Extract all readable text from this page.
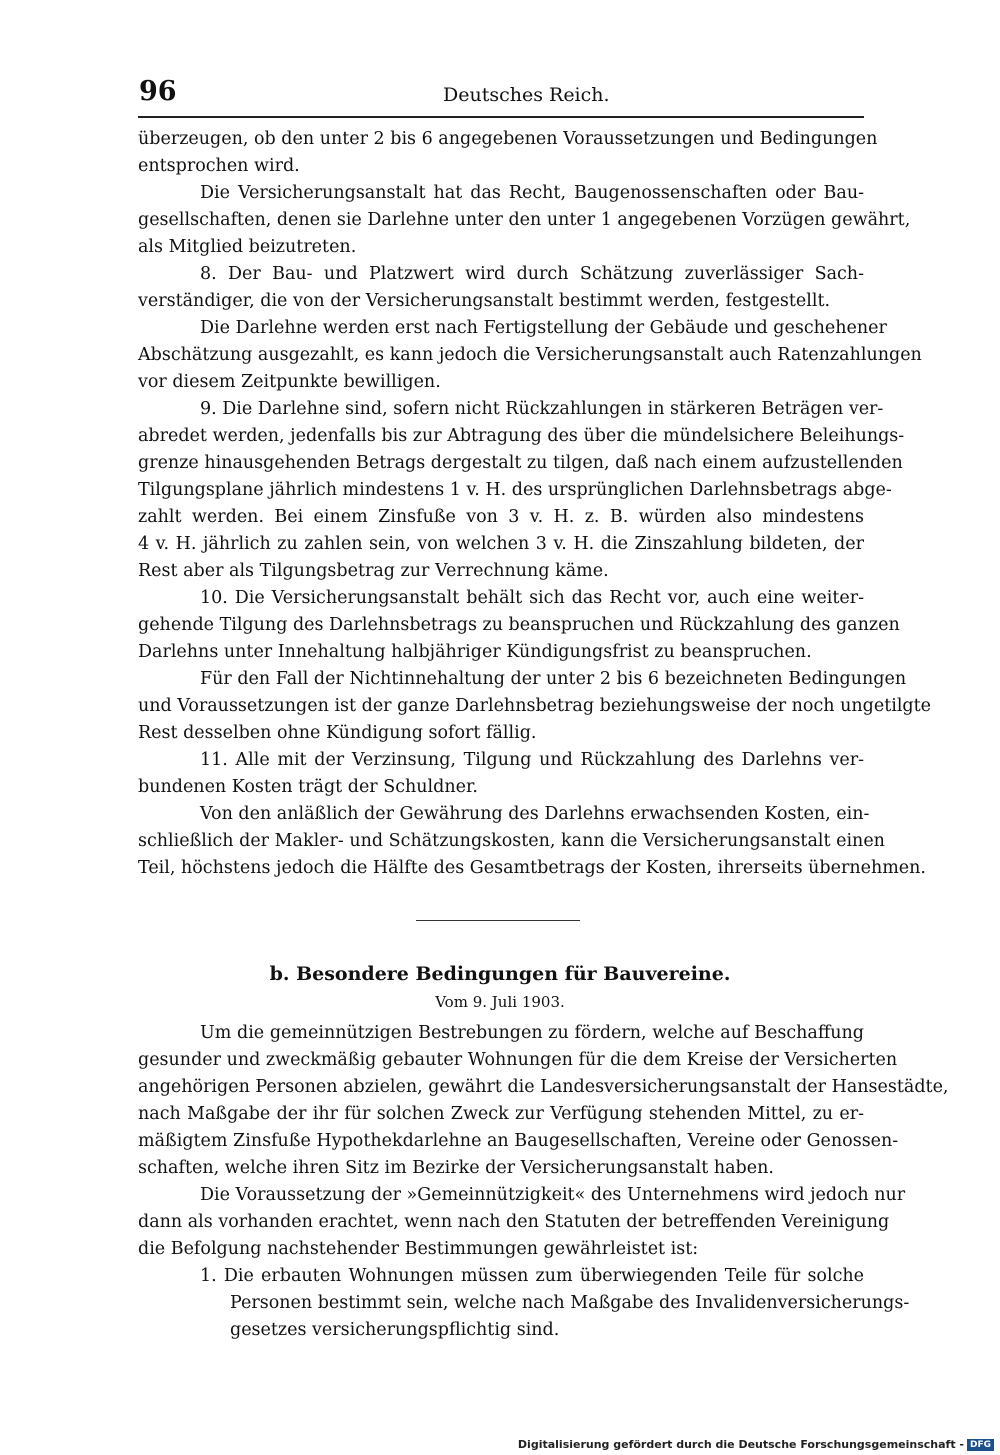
96	Deutsches Reich.
überzeugen, ob den unter 2 bis 6 angegebenen Voraussetzungen und Bedingungen
entsprochen wird.
Die Versicherungsanstalt hat das Recht, Baugenossenschaften oder Bau-
gesellschaften, denen sie Darlehne unter den unter 1 angegebenen Vorzügen gewährt,
als Mitglied beizutreten.
8. Der Bau- und Platzwert wird durch Schätzung zuverlässiger Sach-
verständiger, die von der Versicherungsanstalt bestimmt werden, festgestellt.
Die Darlehne werden erst nach Fertigstellung der Gebäude und geschehener
Abschätzung ausgezahlt, es kann jedoch die Versicherungsanstalt auch Ratenzahlungen
vor diesem Zeitpunkte bewilligen.
9. Die Darlehne sind, sofern nicht Rückzahlungen in stärkeren Beträgen ver-
abredet werden, jedenfalls bis zur Abtragung des über die mündelsichere Beleihungs-
grenze hinausgehenden Betrags dergestalt zu tilgen, daß nach einem aufzustellenden
Tilgungsplane jährlich mindestens 1 v. H. des ursprünglichen Darlehnsbetrags abge-
zahlt werden. Bei einem Zinsfuße von 3 v. H. z. B. würden also mindestens
4 v. H. jährlich zu zahlen sein, von welchen 3 v. H. die Zinszahlung bildeten, der
Rest aber als Tilgungsbetrag zur Verrechnung käme.
10. Die Versicherungsanstalt behält sich das Recht vor, auch eine weiter-
gehende Tilgung des Darlehnsbetrags zu beanspruchen und Rückzahlung des ganzen
Darlehns unter Innehaltung halbjähriger Kündigungsfrist zu beanspruchen.
Für den Fall der Nichtinnehaltung der unter 2 bis 6 bezeichneten Bedingungen
und Voraussetzungen ist der ganze Darlehnsbetrag beziehungsweise der noch ungetilgte
Rest desselben ohne Kündigung sofort fällig.
11. Alle mit der Verzinsung, Tilgung und Rückzahlung des Darlehns ver-
bundenen Kosten trägt der Schuldner.
Von den anläßlich der Gewährung des Darlehns erwachsenden Kosten, ein-
schließlich der Makler- und Schätzungskosten, kann die Versicherungsanstalt einen
Teil, höchstens jedoch die Hälfte des Gesamtbetrags der Kosten, ihrerseits übernehmen.
b. Besondere Bedingungen für Bauvereine.
Vom 9. Juli 1903.
Um die gemeinnützigen Bestrebungen zu fördern, welche auf Beschaffung
gesunder und zweckmäßig gebauter Wohnungen für die dem Kreise der Versicherten
angehörigen Personen abzielen, gewährt die Landesversicherungsanstalt der Hansestädte,
nach Maßgabe der ihr für solchen Zweck zur Verfügung stehenden Mittel, zu er-
mäßigtem Zinsfuße Hypothekdarlehne an Baugesellschaften, Vereine oder Genossen-
schaften, welche ihren Sitz im Bezirke der Versicherungsanstalt haben.
Die Voraussetzung der »Gemeinnützigkeit« des Unternehmens wird jedoch nur
dann als vorhanden erachtet, wenn nach den Statuten der betreffenden Vereinigung
die Befolgung nachstehender Bestimmungen gewährleistet ist:
1. Die erbauten Wohnungen müssen zum überwiegenden Teile für solche
Personen bestimmt sein, welche nach Maßgabe des Invalidenversicherungs-
gesetzes versicherungspflichtig sind.
Digitalisierung gefördert durch die Deutsche Forschungsgemeinschaft - DFG
